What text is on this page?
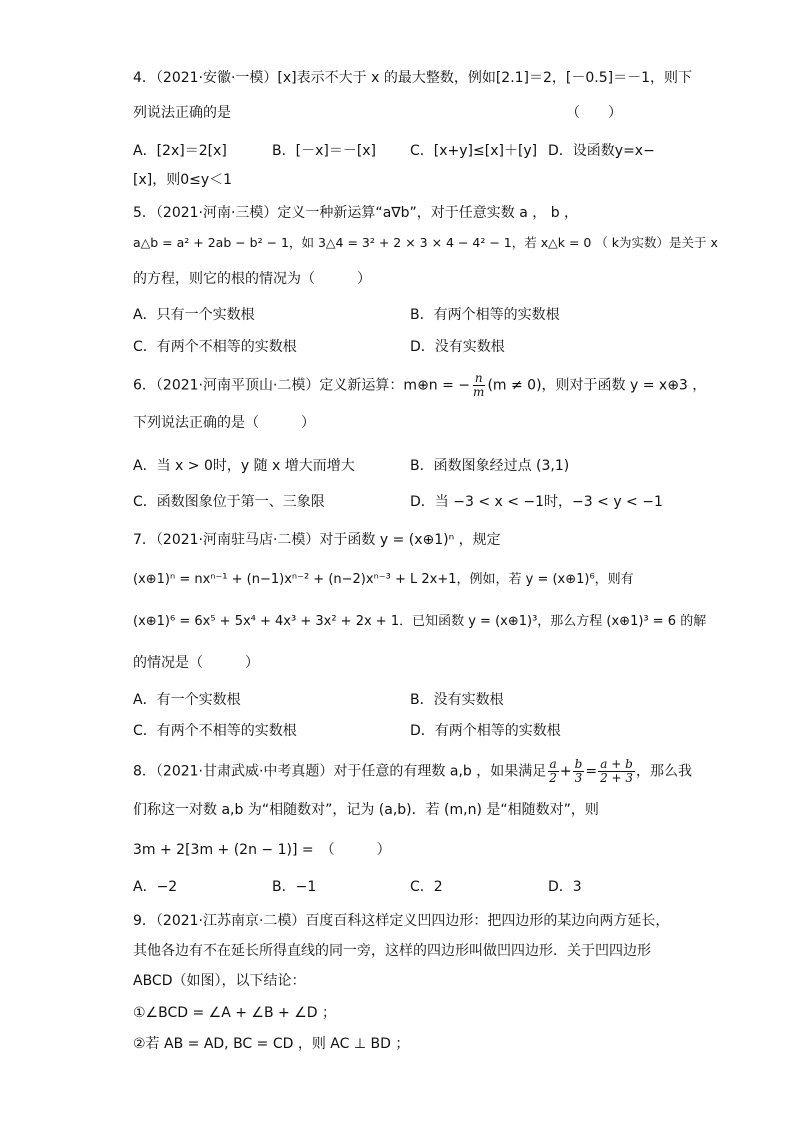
4．（2021·安徽·一模）[x]表示不大于 x 的最大整数，例如[2.1]＝2，[－0.5]＝－1，则下
列说法正确的是	（　　）
A．[2x]＝2[x]	B．[－x]＝－[x] C．[x+y]≤[x]＋[y] D．设函数y=x−
[x]，则0≤y＜1
5．（2021·河南·三模）定义一种新运算“a∇b”，对于任意实数 a ， b ，
a△b = a² + 2ab − b² − 1，如 3△4 = 3² + 2 × 3 × 4 − 4² − 1，若 x△k = 0 （ k为实数）是关于 x
的方程，则它的根的情况为（　　　）
A．只有一个实数根	B．有两个相等的实数根
C．有两个不相等的实数根	D．没有实数根
6．（2021·河南平顶山·二模）定义新运算：m⊕n = − $\frac{n}{m} (m \ne 0)$，则对于函数 y = x⊕3 ，
下列说法正确的是（　　　）
A．当 x > 0时，y 随 x 增大而增大	B．函数图象经过点 (3,1)
C．函数图象位于第一、三象限	D．当 −3 < x < −1时，−3 < y < −1
7．（2021·河南驻马店·二模）对于函数 y = (x⊕1)ⁿ ，规定
(x⊕1)ⁿ = nxⁿ⁻¹ + (n−1)xⁿ⁻² + (n−2)xⁿ⁻³ + L 2x+1，例如，若 y = (x⊕1)⁶，则有
(x⊕1)⁶ = 6x⁵ + 5x⁴ + 4x³ + 3x² + 2x + 1．已知函数 y = (x⊕1)³，那么方程 (x⊕1)³ = 6 的解
的情况是（　　　）
A．有一个实数根	B．没有实数根
C．有两个不相等的实数根	D．有两个相等的实数根
8．（2021·甘肃武威·中考真题）对于任意的有理数 a,b ，如果满足 $\frac{a}{2} + \frac{b}{3} = \frac{a + b}{2 + 3}$ ，那么我
们称这一对数 a,b 为“相随数对”，记为 (a,b)．若 (m,n) 是“相随数对”，则
3m + 2[3m + (2n − 1)] =　（　　　）
A．−2	B．−1	C．2	D．3
9．（2021·江苏南京·二模）百度百科这样定义凹四边形：把四边形的某边向两方延长，
其他各边有不在延长所得直线的同一旁，这样的四边形叫做凹四边形．关于凹四边形
ABCD（如图），以下结论：
①∠BCD = ∠A + ∠B + ∠D ；
②若 AB = AD, BC = CD ，则 AC ⊥ BD ；
